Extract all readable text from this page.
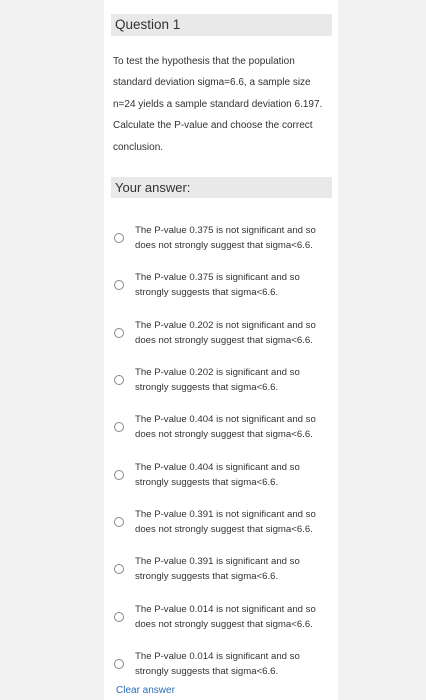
Question 1
To test the hypothesis that the population standard deviation sigma=6.6, a sample size n=24 yields a sample standard deviation 6.197. Calculate the P-value and choose the correct conclusion.
Your answer:
The P-value 0.375 is not significant and so does not strongly suggest that sigma<6.6.
The P-value 0.375 is significant and so strongly suggests that sigma<6.6.
The P-value 0.202 is not significant and so does not strongly suggest that sigma<6.6.
The P-value 0.202 is significant and so strongly suggests that sigma<6.6.
The P-value 0.404 is not significant and so does not strongly suggest that sigma<6.6.
The P-value 0.404 is significant and so strongly suggests that sigma<6.6.
The P-value 0.391 is not significant and so does not strongly suggest that sigma<6.6.
The P-value 0.391 is significant and so strongly suggests that sigma<6.6.
The P-value 0.014 is not significant and so does not strongly suggest that sigma<6.6.
The P-value 0.014 is significant and so strongly suggests that sigma<6.6.
Clear answer
